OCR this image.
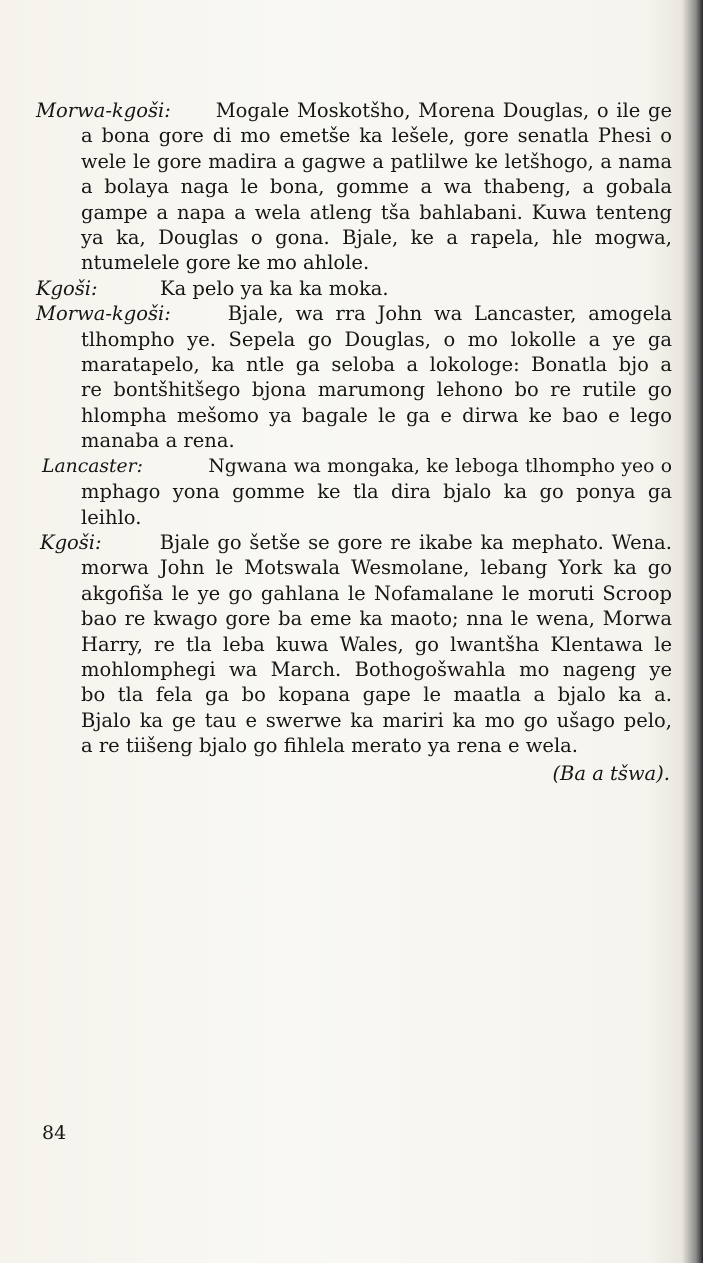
Morwa-kgoši: Mogale Moskotšho, Morena Douglas, o ile ge
a bona gore di mo emetše ka lešele, gore senatla Phesi o
wele le gore madira a gagwe a patlilwe ke letšhogo, a nama
a bolaya naga le bona, gomme a wa thabeng, a gobala
gampe a napa a wela atleng tša bahlabani. Kuwa tenteng
ya ka, Douglas o gona. Bjale, ke a rapela, hle mogwa,
ntumelele gore ke mo ahlole.
Kgoši:	Ka pelo ya ka ka moka.
Morwa-kgoši:	Bjale, wa rra John wa Lancaster, amogela
tlhompho ye. Sepela go Douglas, o mo lokolle a ye ga
maratapelo, ka ntle ga seloba a lokologe: Bonatla bjo a
re bontšhitšego bjona marumong lehono bo re rutile go
hlompha mešomo ya bagale le ga e dirwa ke bao e lego
manaba a rena.
Lancaster:	Ngwana wa mongaka, ke leboga tlhompho yeo o
mphago yona gomme ke tla dira bjalo ka go ponya ga
leihlo.
Kgoši:	Bjale go šetše se gore re ikabe ka mephato. Wena.
morwa John le Motswala Wesmolane, lebang York ka go
akgofiša le ye go gahlana le Nofamalane le moruti Scroop
bao re kwago gore ba eme ka maoto; nna le wena, Morwa
Harry, re tla leba kuwa Wales, go lwantšha Klentawa le
mohlomphegi wa March. Bothogošwahla mo nageng ye
bo tla fela ga bo kopana gape le maatla a bjalo ka a.
Bjalo ka ge tau e swerwe ka mariri ka mo go ušago pelo,
a re tiišeng bjalo go fihlela merato ya rena e wela.
(Ba a tšwa).
84
